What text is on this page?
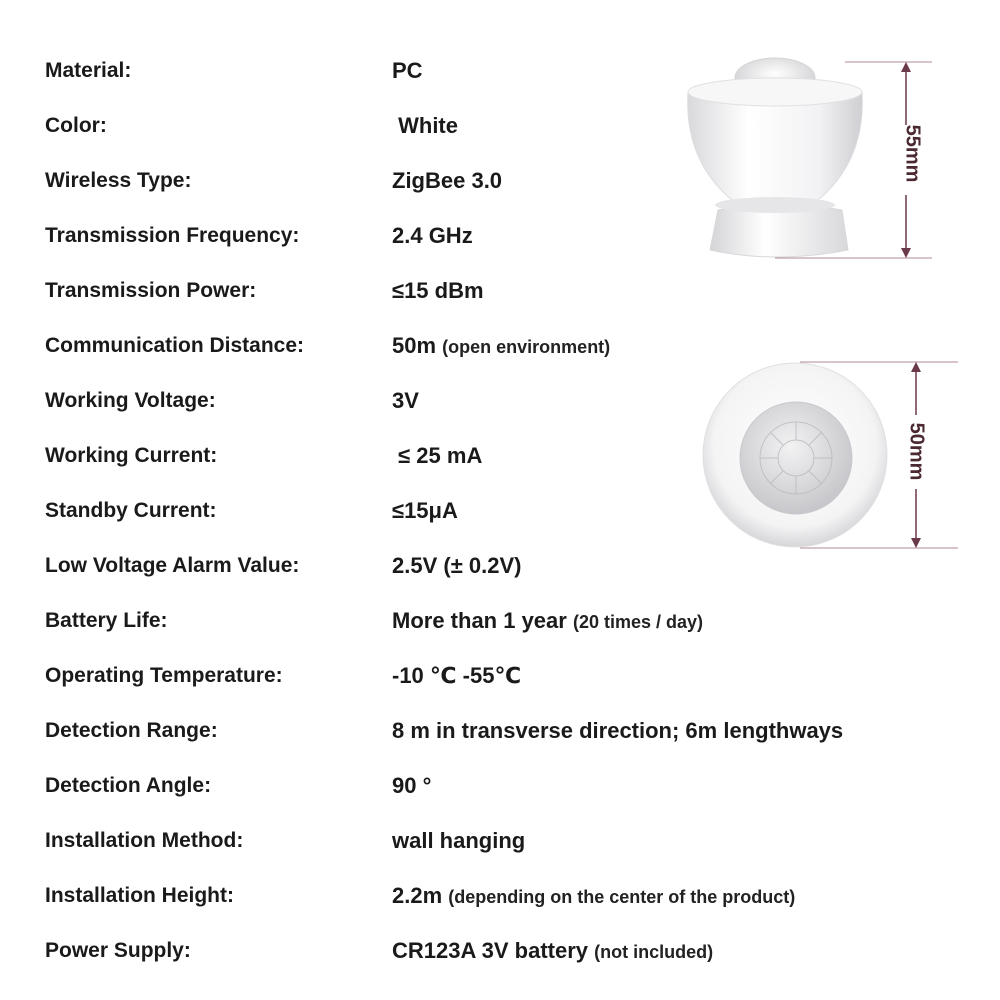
Material:	PC
Color:	White
Wireless Type:	ZigBee 3.0
Transmission Frequency:	2.4 GHz
Transmission Power:	≤15 dBm
Communication Distance:	50m (open environment)
Working Voltage:	3V
Working Current:	≤ 25 mA
Standby Current:	≤15μA
Low Voltage Alarm Value:	2.5V (± 0.2V)
Battery Life:	More than 1 year (20 times / day)
Operating Temperature:	-10 ℃ -55℃
Detection Range:	8 m in transverse direction; 6m lengthways
Detection Angle:	90 °
Installation Method:	wall hanging
Installation Height:	2.2m (depending on the center of the product)
Power Supply:	CR123A 3V battery (not included)
55mm
50mm
